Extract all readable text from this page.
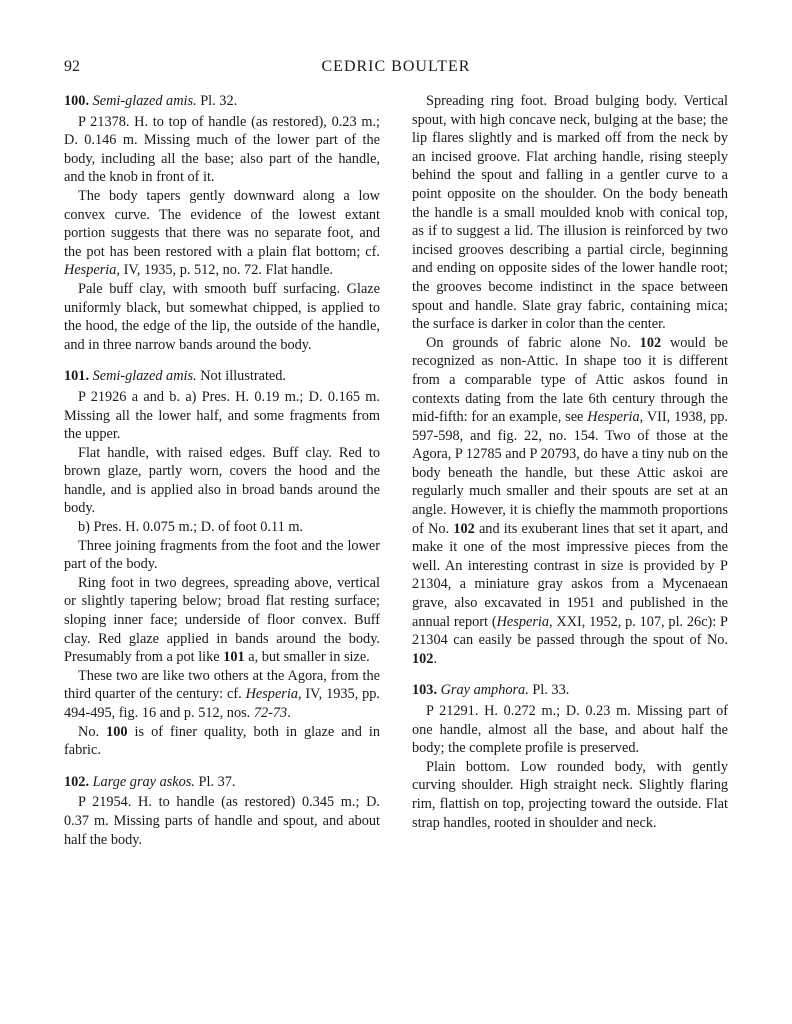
92	CEDRIC BOULTER

100. Semi-glazed amis. Pl. 32.

P 21378. H. to top of handle (as restored), 0.23 m.; D. 0.146 m. Missing much of the lower part of the body, including all the base; also part of the handle, and the knob in front of it.

The body tapers gently downward along a low convex curve. The evidence of the lowest extant portion suggests that there was no separate foot, and the pot has been restored with a plain flat bottom; cf. Hesperia, IV, 1935, p. 512, no. 72. Flat handle.

Pale buff clay, with smooth buff surfacing. Glaze uniformly black, but somewhat chipped, is applied to the hood, the edge of the lip, the outside of the handle, and in three narrow bands around the body.

101. Semi-glazed amis. Not illustrated.

P 21926 a and b. a) Pres. H. 0.19 m.; D. 0.165 m. Missing all the lower half, and some fragments from the upper.

Flat handle, with raised edges. Buff clay. Red to brown glaze, partly worn, covers the hood and the handle, and is applied also in broad bands around the body.

b) Pres. H. 0.075 m.; D. of foot 0.11 m.

Three joining fragments from the foot and the lower part of the body.

Ring foot in two degrees, spreading above, vertical or slightly tapering below; broad flat resting surface; sloping inner face; underside of floor convex. Buff clay. Red glaze applied in bands around the body. Presumably from a pot like 101 a, but smaller in size.

These two are like two others at the Agora, from the third quarter of the century: cf. Hesperia, IV, 1935, pp. 494-495, fig. 16 and p. 512, nos. 72-73.

No. 100 is of finer quality, both in glaze and in fabric.

102. Large gray askos. Pl. 37.

P 21954. H. to handle (as restored) 0.345 m.; D. 0.37 m. Missing parts of handle and spout, and about half the body.

Spreading ring foot. Broad bulging body. Vertical spout, with high concave neck, bulging at the base; the lip flares slightly and is marked off from the neck by an incised groove. Flat arching handle, rising steeply behind the spout and falling in a gentler curve to a point opposite on the shoulder. On the body beneath the handle is a small moulded knob with conical top, as if to suggest a lid. The illusion is reinforced by two incised grooves describing a partial circle, beginning and ending on opposite sides of the lower handle root; the grooves become indistinct in the space between spout and handle. Slate gray fabric, containing mica; the surface is darker in color than the center.

On grounds of fabric alone No. 102 would be recognized as non-Attic. In shape too it is different from a comparable type of Attic askos found in contexts dating from the late 6th century through the mid-fifth: for an example, see Hesperia, VII, 1938, pp. 597-598, and fig. 22, no. 154. Two of those at the Agora, P 12785 and P 20793, do have a tiny nub on the body beneath the handle, but these Attic askoi are regularly much smaller and their spouts are set at an angle. However, it is chiefly the mammoth proportions of No. 102 and its exuberant lines that set it apart, and make it one of the most impressive pieces from the well. An interesting contrast in size is provided by P 21304, a miniature gray askos from a Mycenaean grave, also excavated in 1951 and published in the annual report (Hesperia, XXI, 1952, p. 107, pl. 26c): P 21304 can easily be passed through the spout of No. 102.

103. Gray amphora. Pl. 33.

P 21291. H. 0.272 m.; D. 0.23 m. Missing part of one handle, almost all the base, and about half the body; the complete profile is preserved.

Plain bottom. Low rounded body, with gently curving shoulder. High straight neck. Slightly flaring rim, flattish on top, projecting toward the outside. Flat strap handles, rooted in shoulder and neck.
